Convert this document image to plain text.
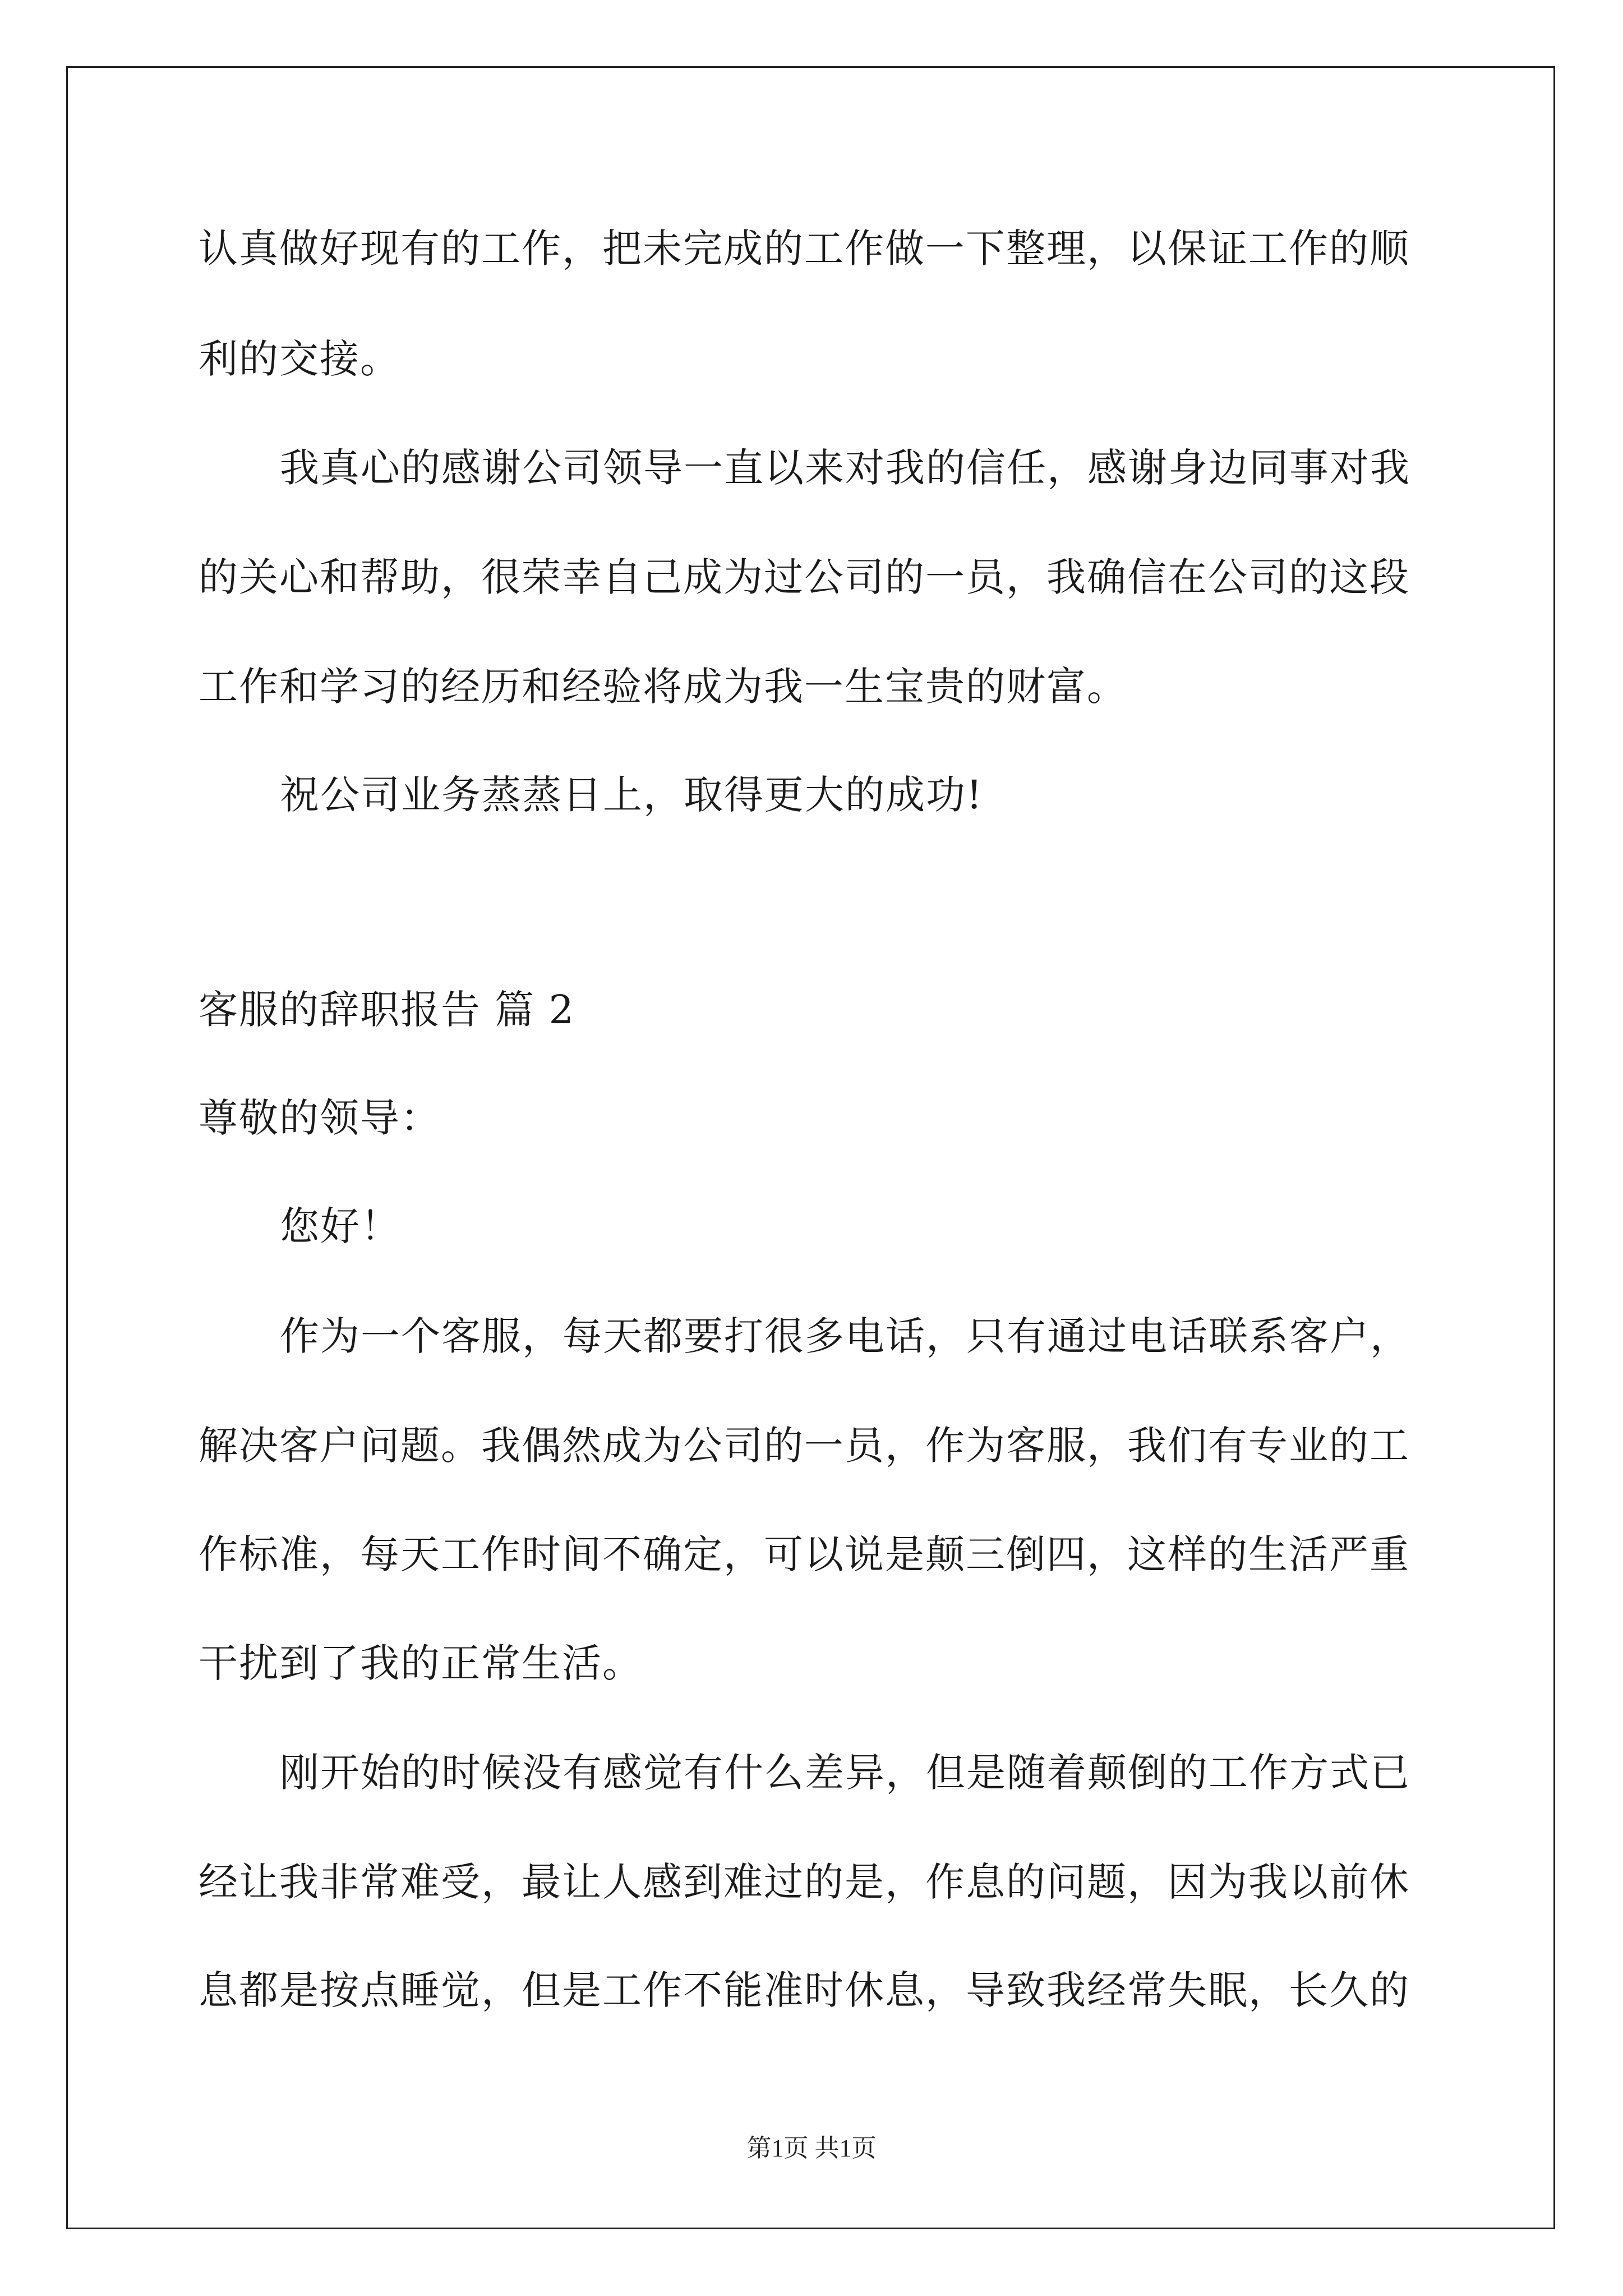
认真做好现有的工作，把未完成的工作做一下整理，以保证工作的顺
利的交接。
我真心的感谢公司领导一直以来对我的信任，感谢身边同事对我
的关心和帮助，很荣幸自己成为过公司的一员，我确信在公司的这段
工作和学习的经历和经验将成为我一生宝贵的财富。
祝公司业务蒸蒸日上，取得更大的成功!
客服的辞职报告 篇 2
尊敬的领导：
您好！
作为一个客服，每天都要打很多电话，只有通过电话联系客户，
解决客户问题。我偶然成为公司的一员，作为客服，我们有专业的工
作标准，每天工作时间不确定，可以说是颠三倒四，这样的生活严重
干扰到了我的正常生活。
刚开始的时候没有感觉有什么差异，但是随着颠倒的工作方式已
经让我非常难受，最让人感到难过的是，作息的问题，因为我以前休
息都是按点睡觉，但是工作不能准时休息，导致我经常失眠，长久的
第1页 共1页
